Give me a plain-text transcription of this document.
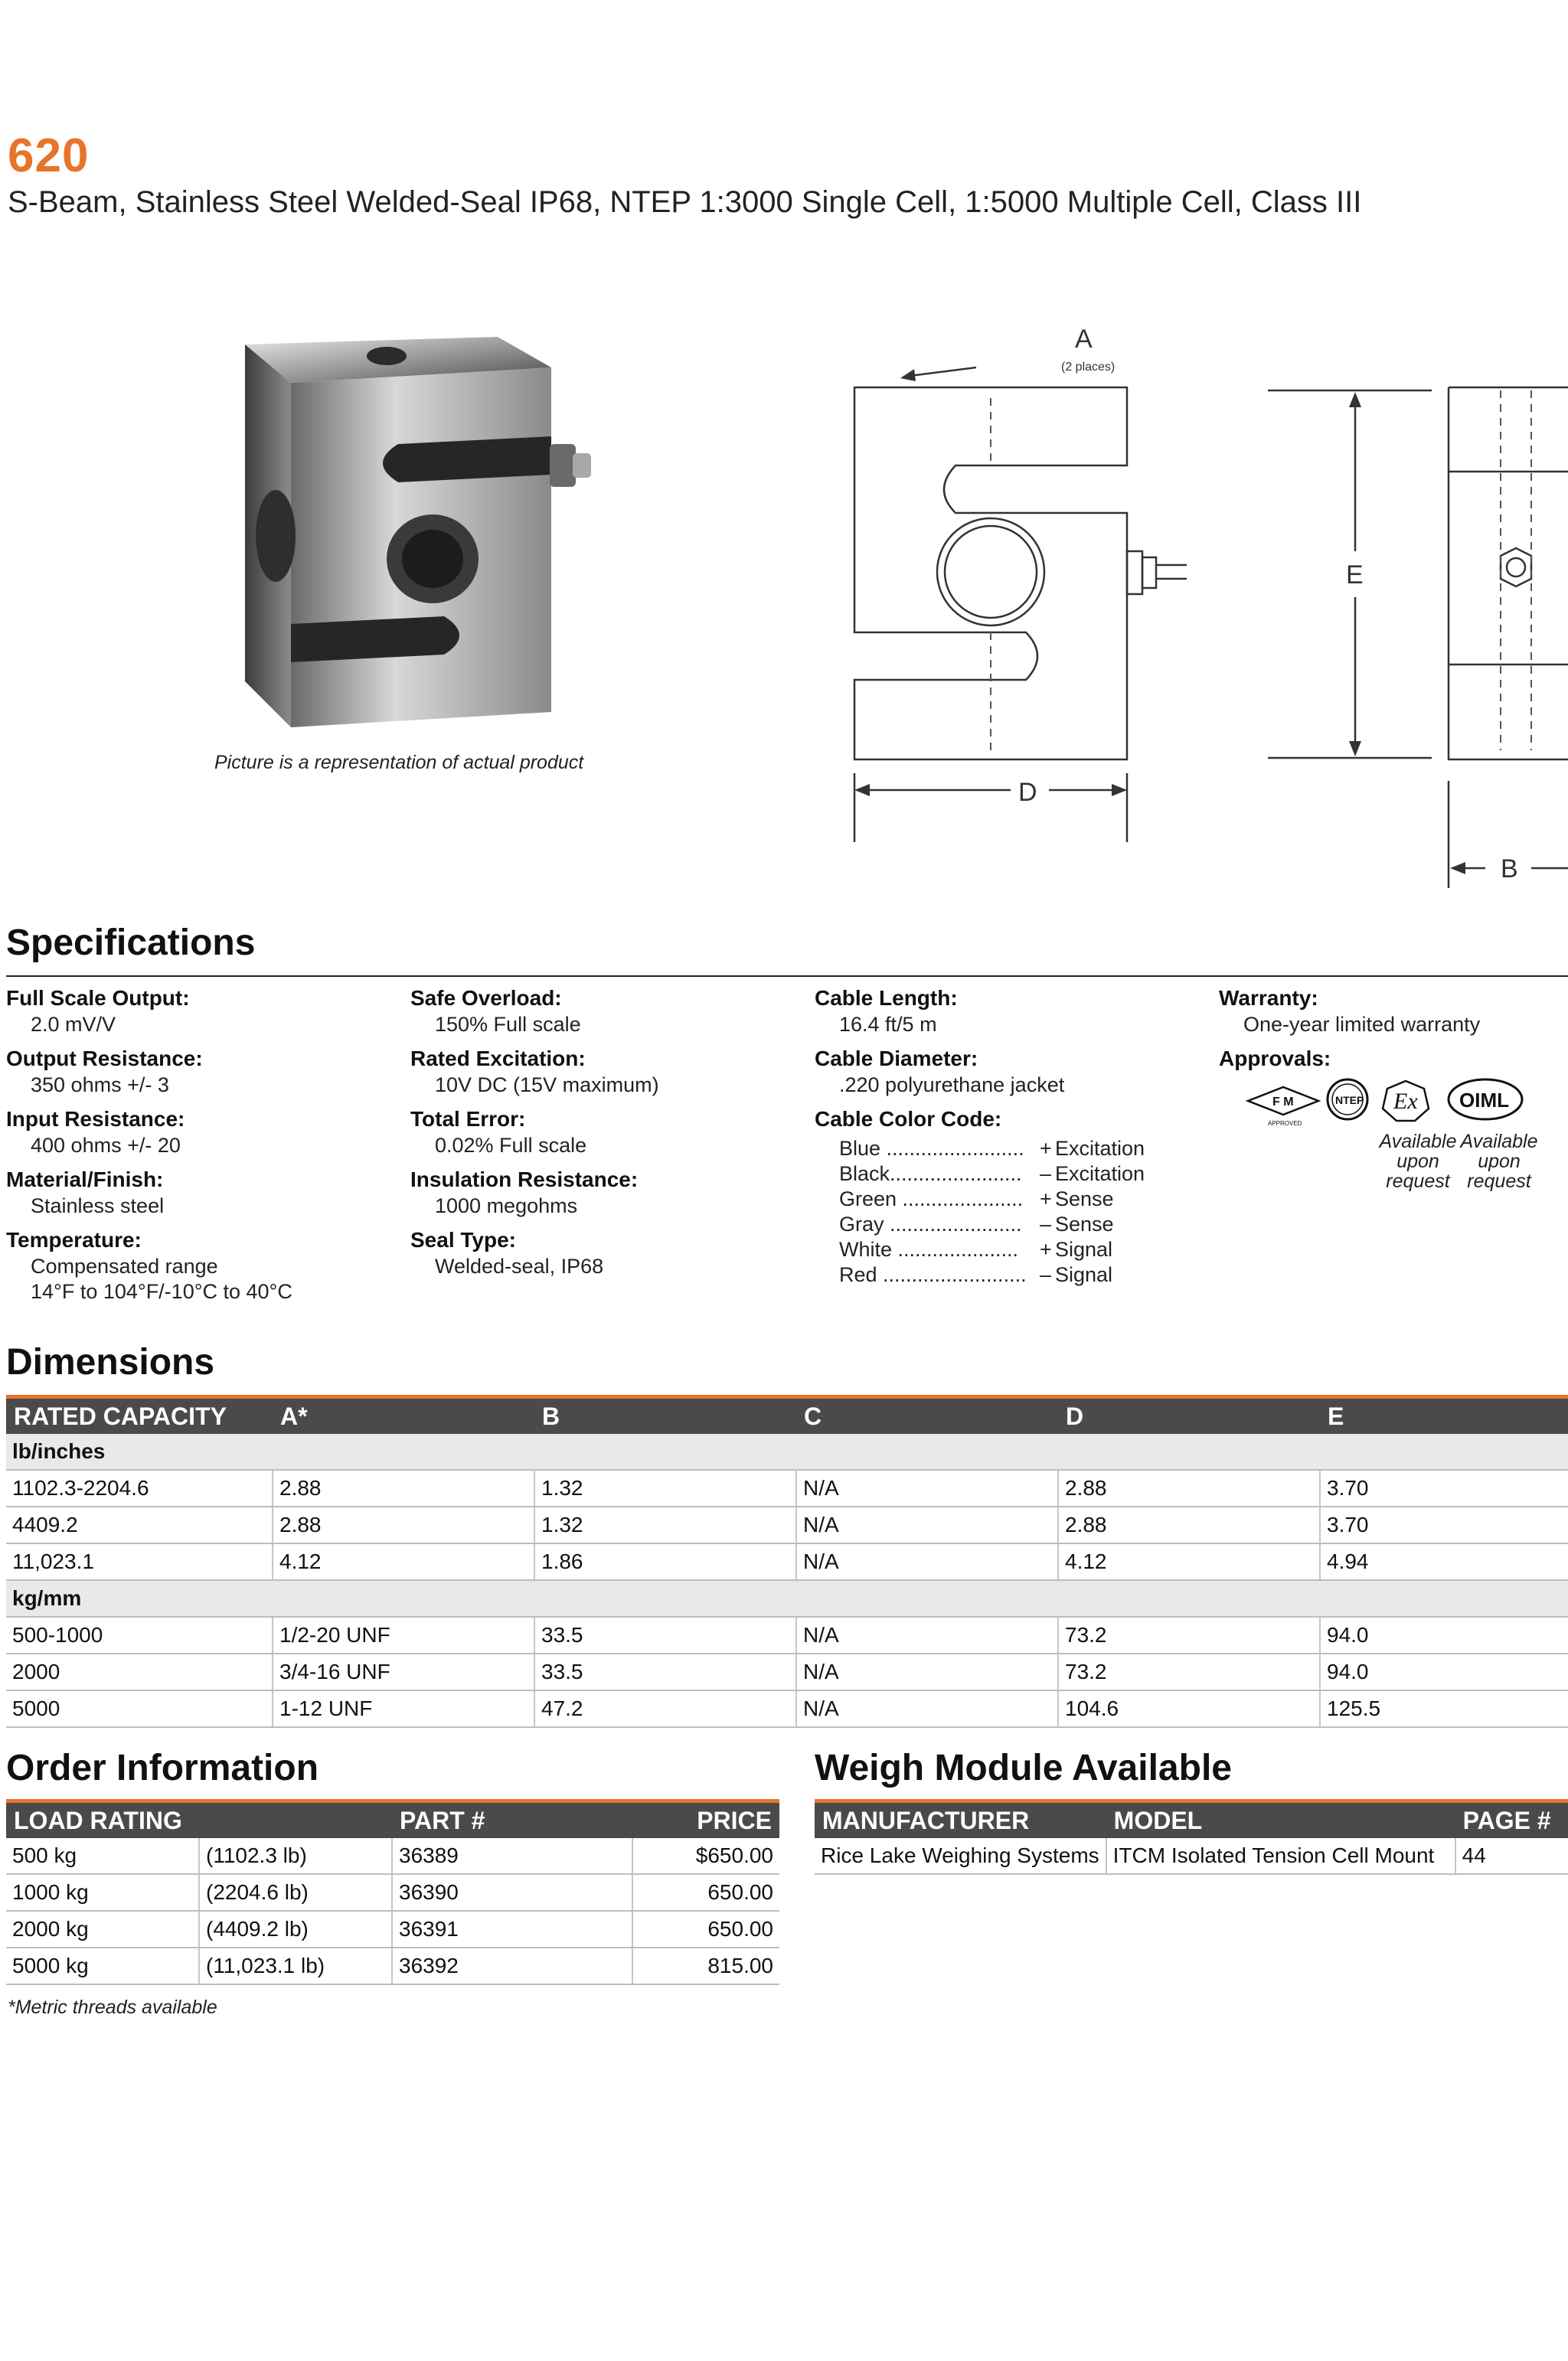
620
S-Beam, Stainless Steel Welded-Seal IP68, NTEP 1:3000 Single Cell, 1:5000 Multiple Cell, Class III
Picture is a representation of actual product
A
(2 places)
D
E
B
Specifications
Full Scale Output:
2.0 mV/V
Output Resistance:
350 ohms +/- 3
Input Resistance:
400 ohms +/- 20
Material/Finish:
Stainless steel
Temperature:
Compensated range
14°F to 104°F/-10°C to 40°C
Safe Overload:
150% Full scale
Rated Excitation:
10V DC (15V maximum)
Total Error:
0.02% Full scale
Insulation Resistance:
1000 megohms
Seal Type:
Welded-seal, IP68
Cable Length:
16.4 ft/5 m
Cable Diameter:
.220 polyurethane jacket
Cable Color Code:
Blue ........................ + Excitation
Black....................... – Excitation
Green ..................... + Sense
Gray ....................... – Sense
White .....................	+ Signal
Red ......................... – Signal
Warranty:
One-year limited warranty
Approvals:
F M
APPROVED
NTEP Ex OIML
Available
upon
request
Available
upon
request
Dimensions
RATED CAPACITY	A*	B	C	D	E
lb/inches					
1102.3-2204.6	2.88	1.32	N/A	2.88	3.70
4409.2	2.88	1.32	N/A	2.88	3.70
11,023.1	4.12	1.86	N/A	4.12	4.94
kg/mm					
500-1000	1/2-20 UNF	33.5	N/A	73.2	94.0
2000	3/4-16 UNF	33.5	N/A	73.2	94.0
5000	1-12 UNF	47.2	N/A	104.6	125.5
Order Information
LOAD RATING		PART #	PRICE
500 kg	(1102.3 lb)	36389	$650.00
1000 kg	(2204.6 lb)	36390	650.00
2000 kg	(4409.2 lb)	36391	650.00
5000 kg	(11,023.1 lb)	36392	815.00
*Metric threads available
Weigh Module Available
MANUFACTURER	MODEL	PAGE #
Rice Lake Weighing Systems	ITCM Isolated Tension Cell Mount	44
